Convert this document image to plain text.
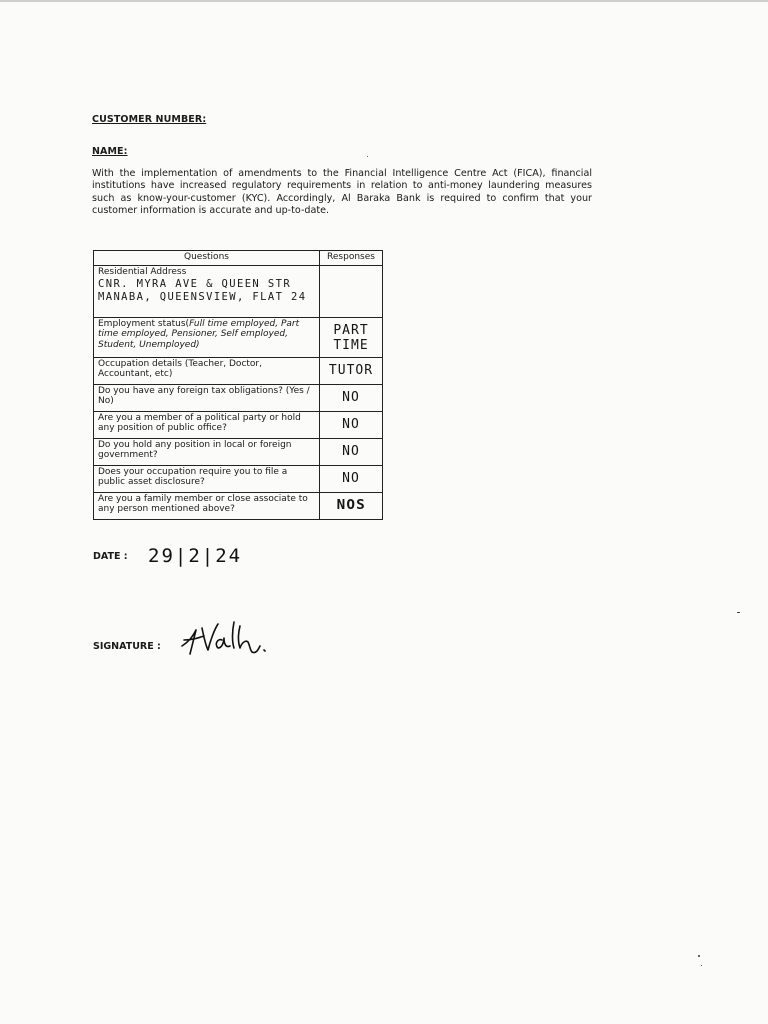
CUSTOMER NUMBER:
NAME:
With the implementation of amendments to the Financial Intelligence Centre Act (FICA), financial institutions have increased regulatory requirements in relation to anti-money laundering measures such as know-your-customer (KYC). Accordingly, Al Baraka Bank is required to confirm that your customer information is accurate and up-to-date.
Questions	Responses
Residential Address
CNR. MYRA AVE & QUEEN STR
MANABA, QUEENSVIEW, FLAT 24	

Employment status(Full time employed, Part time employed, Pensioner, Self employed, Student, Unemployed)	PART TIME
Occupation details (Teacher, Doctor, Accountant, etc)	TUTOR
Do you have any foreign tax obligations? (Yes / No)	NO
Are you a member of a political party or hold any position of public office?	NO
Do you hold any position in local or foreign government?	NO
Does your occupation require you to file a public asset disclosure?	NO
Are you a family member or close associate to any person mentioned above?	NOS
DATE : 29|2|24
SIGNATURE :
